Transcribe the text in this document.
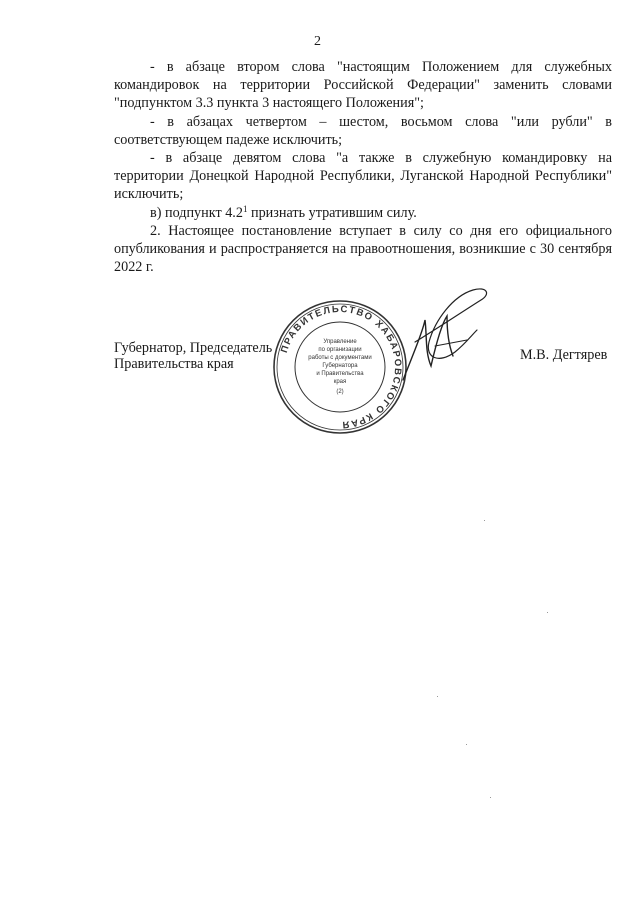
2

- в абзаце втором слова "настоящим Положением для служебных командировок на территории Российской Федерации" заменить словами "подпунктом 3.3 пункта 3 настоящего Положения";

- в абзацах четвертом – шестом, восьмом слова "или рубли" в соответствующем падеже исключить;

- в абзаце девятом слова "а также в служебную командировку на территории Донецкой Народной Республики, Луганской Народной Республики" исключить;

в) подпункт $4.2^1$ признать утратившим силу.

2. Настоящее постановление вступает в силу со дня его официального опубликования и распространяется на правоотношения, возникшие с 30 сентября 2022 г.

Губернатор, Председатель
Правительства края
ПРАВИТЕЛЬСТВО ХАБАРОВСКОГО КРАЯ
Управление
по организации
работы с документами
Губернатора
и Правительства
края
(2)
М.В. Дегтярев
